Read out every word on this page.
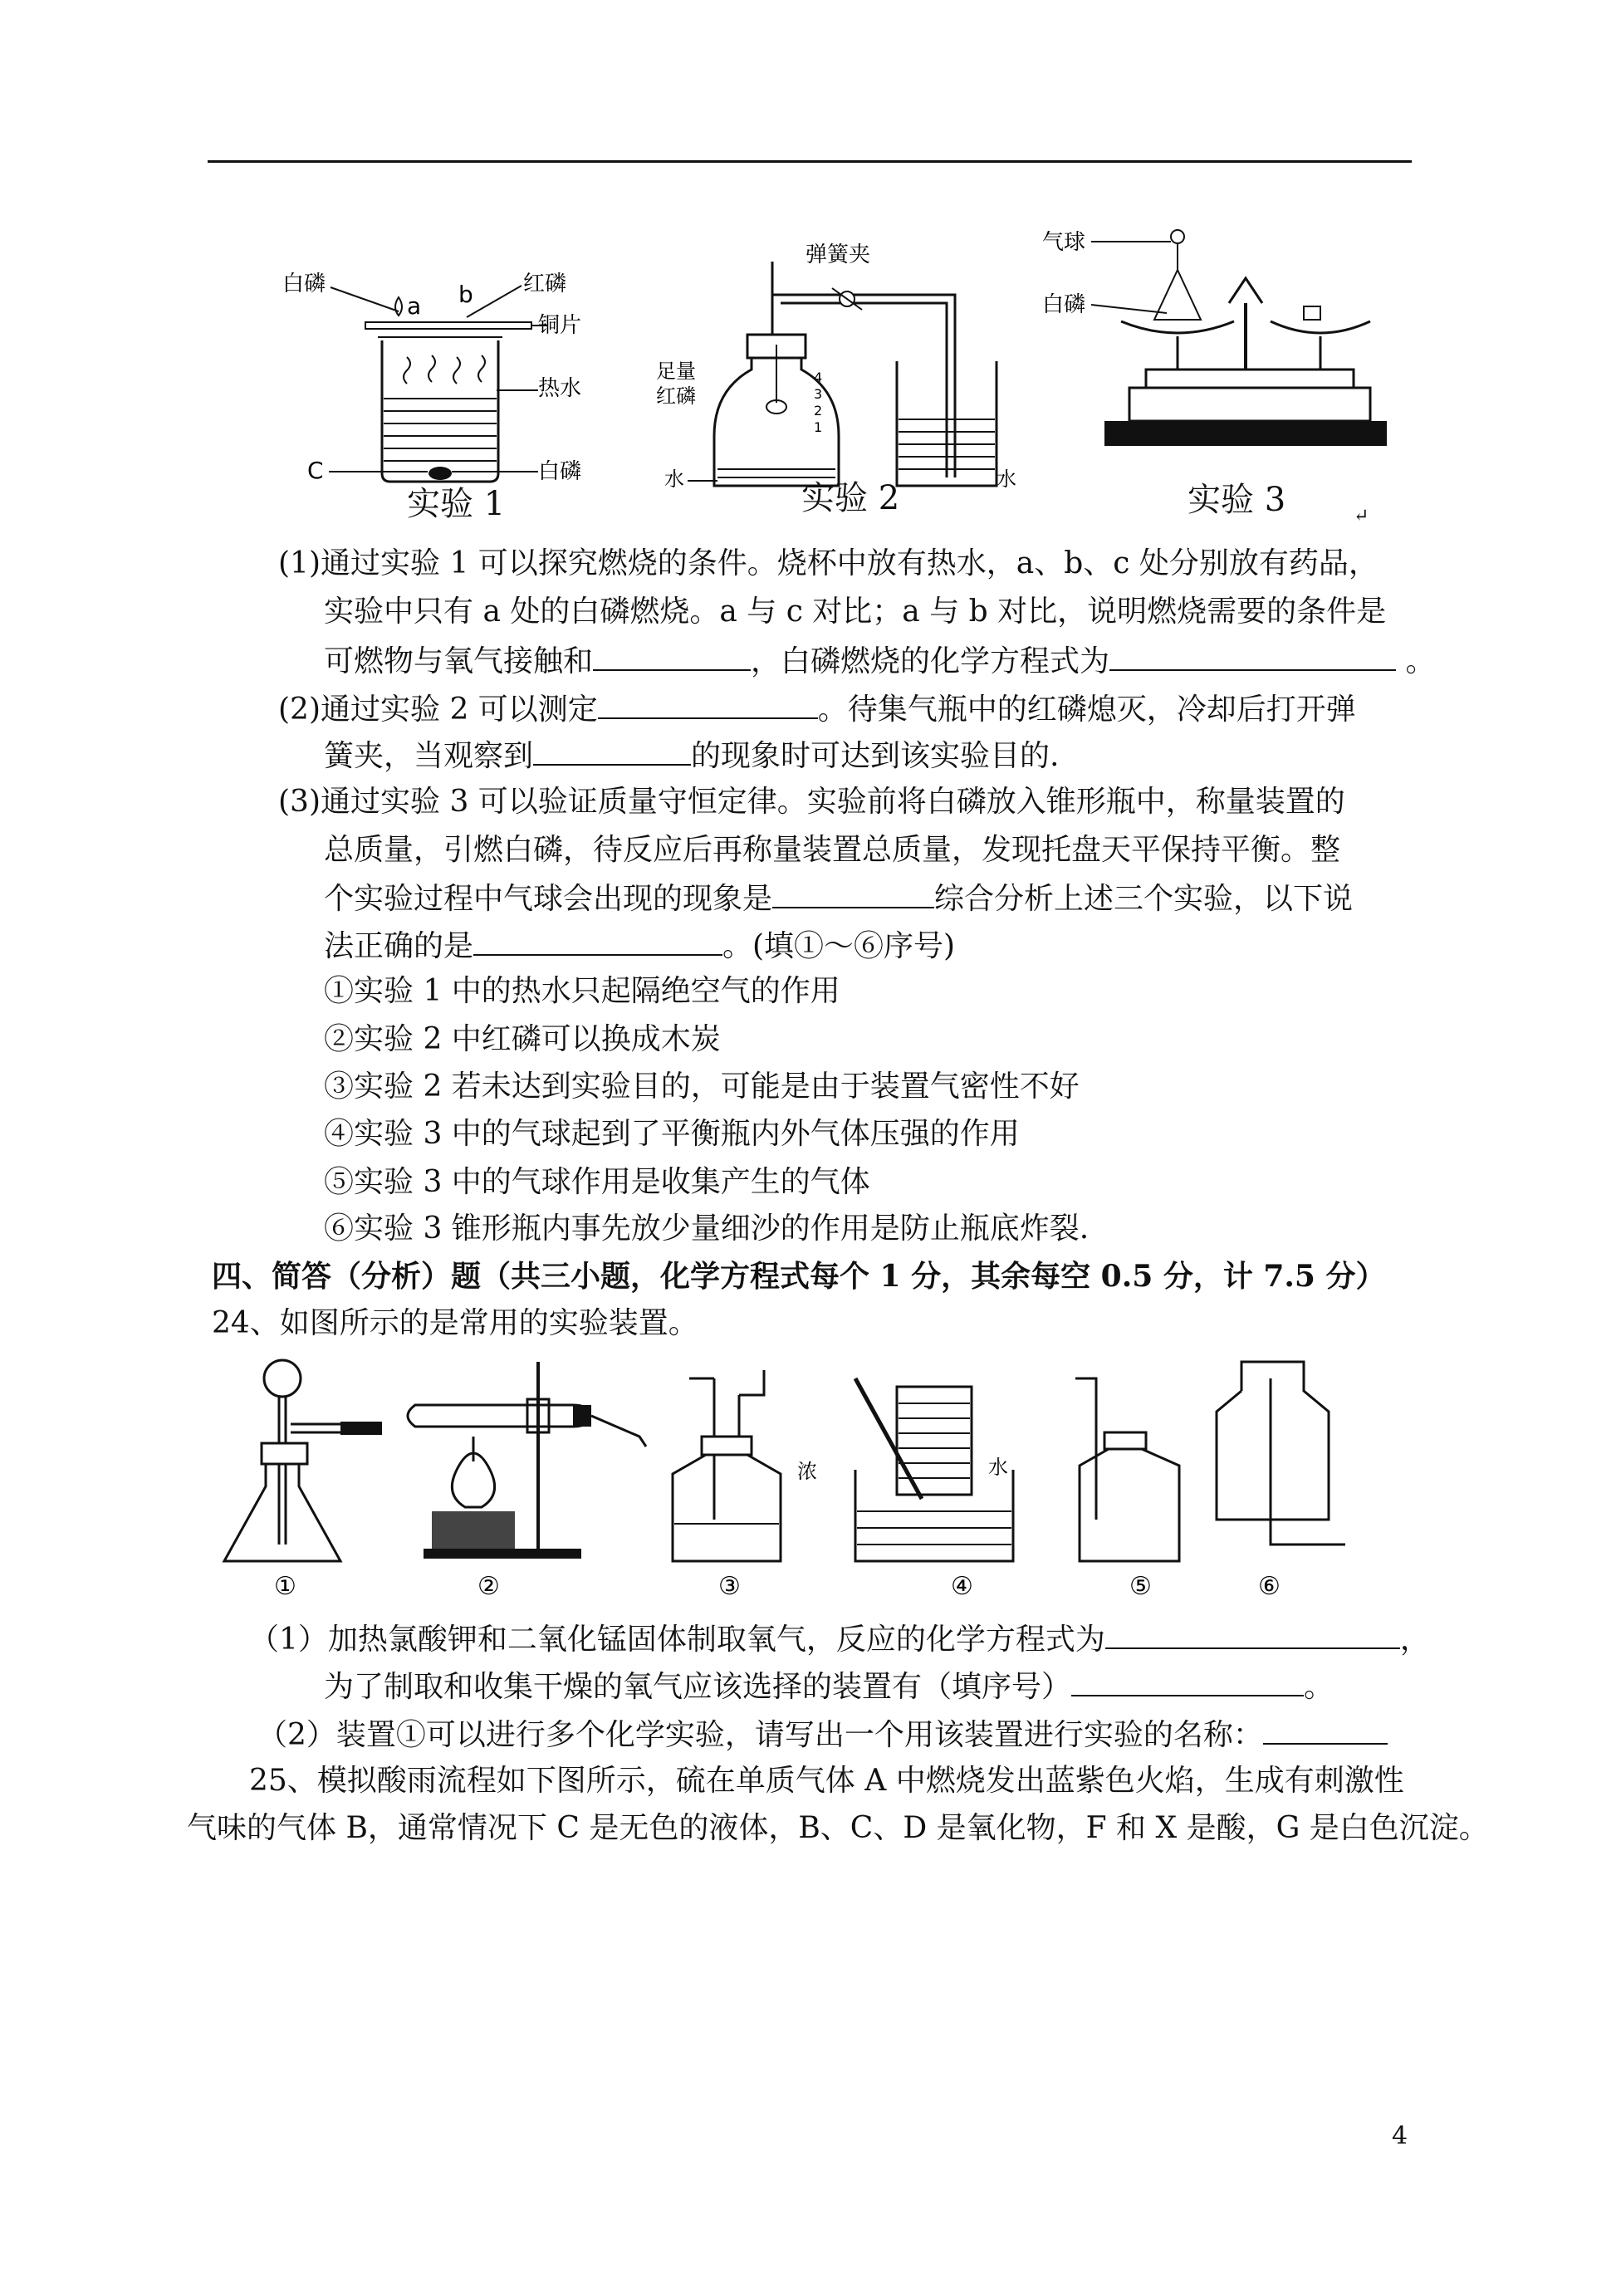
白磷
a b 红磷
铜片
热水
C	白磷
实验 1
弹簧夹
足量
红磷
4
3
2
1
水	水
实验 2
气球
白磷
实验 3	↵
(1)通过实验 1 可以探究燃烧的条件。烧杯中放有热水，a、b、c 处分别放有药品，
实验中只有 a 处的白磷燃烧。a 与 c 对比；a 与 b 对比，说明燃烧需要的条件是
可燃物与氧气接触和	，白磷燃烧的化学方程式为	。
(2)通过实验 2 可以测定	。待集气瓶中的红磷熄灭，冷却后打开弹
簧夹，当观察到	的现象时可达到该实验目的.
(3)通过实验 3 可以验证质量守恒定律。实验前将白磷放入锥形瓶中，称量装置的
总质量，引燃白磷，待反应后再称量装置总质量，发现托盘天平保持平衡。整
个实验过程中气球会出现的现象是	综合分析上述三个实验，以下说
法正确的是	。(填①～⑥序号)
①实验 1 中的热水只起隔绝空气的作用
②实验 2 中红磷可以换成木炭
③实验 2 若未达到实验目的，可能是由于装置气密性不好
④实验 3 中的气球起到了平衡瓶内外气体压强的作用
⑤实验 3 中的气球作用是收集产生的气体
⑥实验 3 锥形瓶内事先放少量细沙的作用是防止瓶底炸裂.
四、简答（分析）题（共三小题，化学方程式每个 1 分，其余每空 0.5 分，计 7.5 分）
24、如图所示的是常用的实验装置。
①	②
浓
③
水
④	⑤	⑥
（1）加热氯酸钾和二氧化锰固体制取氧气，反应的化学方程式为	，
为了制取和收集干燥的氧气应该选择的装置有（填序号）	。
（2）装置①可以进行多个化学实验，请写出一个用该装置进行实验的名称：
25、模拟酸雨流程如下图所示，硫在单质气体 A 中燃烧发出蓝紫色火焰，生成有刺激性
气味的气体 B，通常情况下 C 是无色的液体，B、C、D 是氧化物，F 和 X 是酸，G 是白色沉淀。
4
